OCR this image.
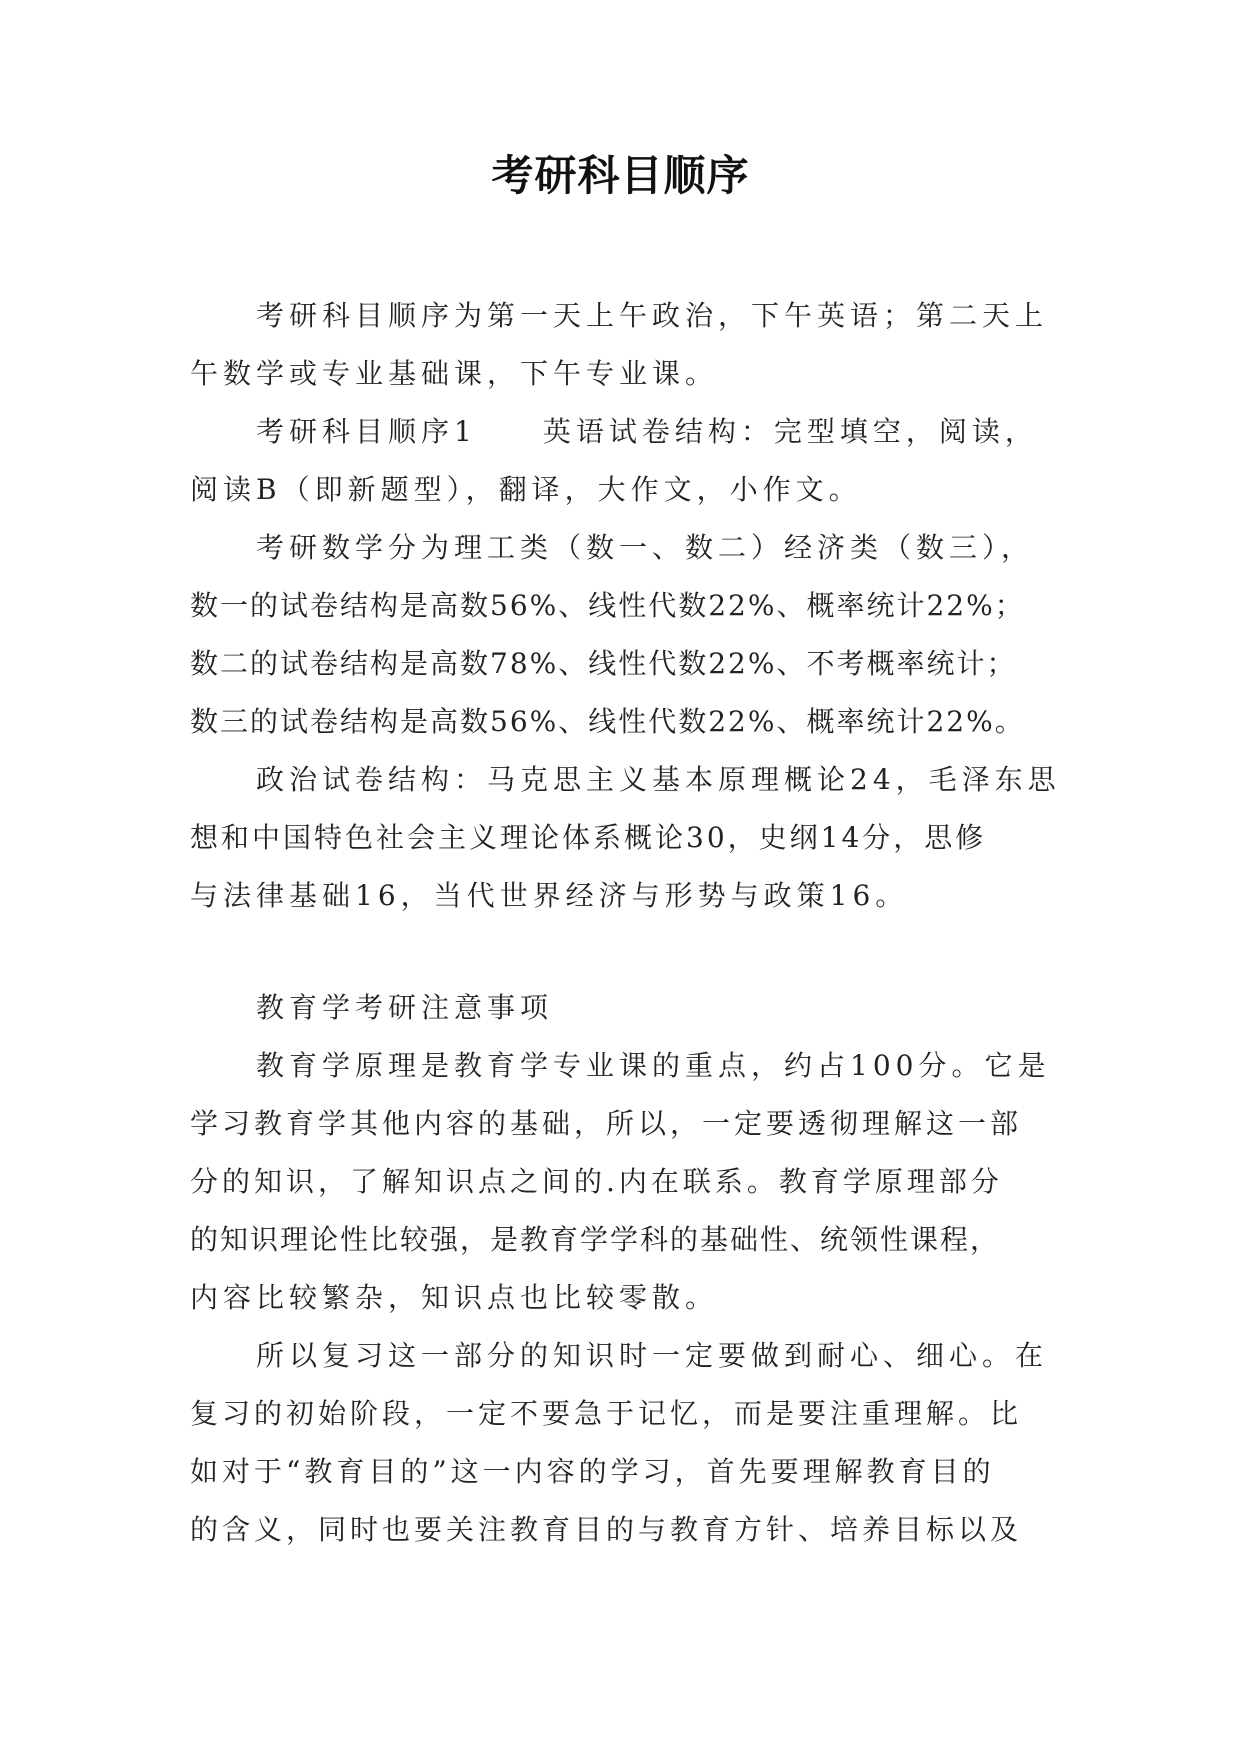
考研科目顺序
考研科目顺序为第一天上午政治，下午英语；第二天上
午数学或专业基础课，下午专业课。
考研科目顺序1　　英语试卷结构：完型填空，阅读，
阅读B（即新题型），翻译，大作文，小作文。
考研数学分为理工类（数一、数二）经济类（数三），
数一的试卷结构是高数56%、线性代数22%、概率统计22%；
数二的试卷结构是高数78%、线性代数22%、不考概率统计；
数三的试卷结构是高数56%、线性代数22%、概率统计22%。
政治试卷结构：马克思主义基本原理概论24，毛泽东思
想和中国特色社会主义理论体系概论30，史纲14分，思修
与法律基础16，当代世界经济与形势与政策16。
教育学考研注意事项
教育学原理是教育学专业课的重点，约占100分。它是
学习教育学其他内容的基础，所以，一定要透彻理解这一部
分的知识，了解知识点之间的.内在联系。教育学原理部分
的知识理论性比较强，是教育学学科的基础性、统领性课程，
内容比较繁杂，知识点也比较零散。
所以复习这一部分的知识时一定要做到耐心、细心。在
复习的初始阶段，一定不要急于记忆，而是要注重理解。比
如对于“教育目的”这一内容的学习，首先要理解教育目的
的含义，同时也要关注教育目的与教育方针、培养目标以及
